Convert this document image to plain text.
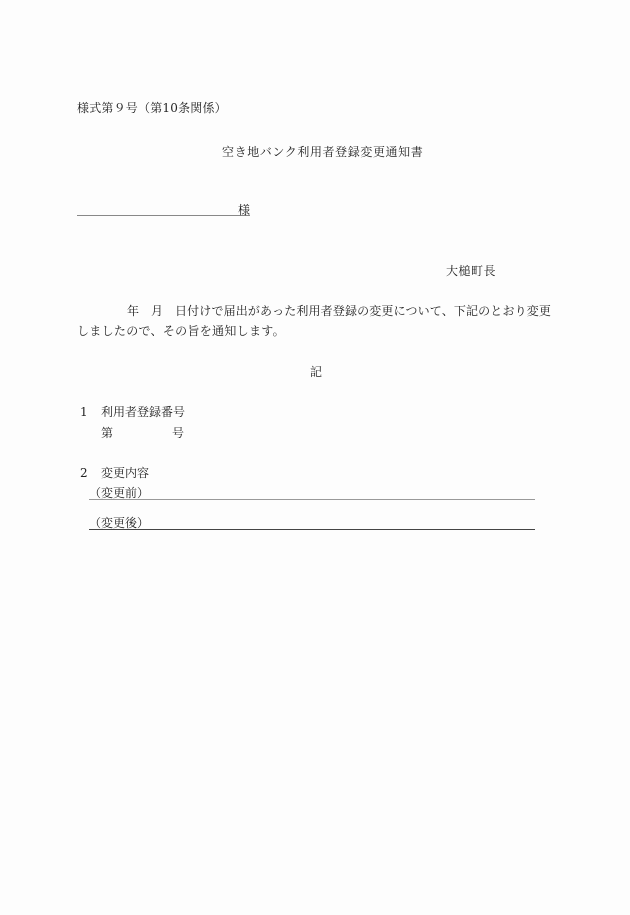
様式第９号（第10条関係）
空き地バンク利用者登録変更通知書
様
大槌町長
年 月 日付けで届出があった利用者登録の変更について、下記のとおり変更
しましたので、その旨を通知します。
記
1 利用者登録番号
第	号
2 変更内容
（変更前）
（変更後）
